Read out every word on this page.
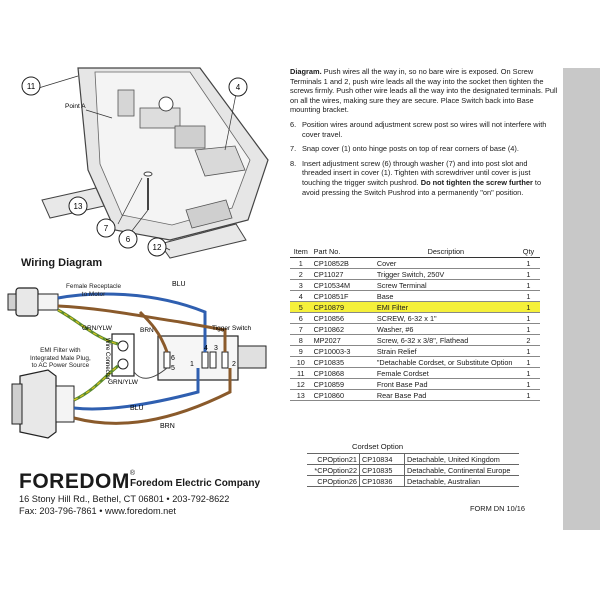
11	4
Point A
7
6
12
13

Diagram. Push wires all the way in, so no bare wire is exposed. On Screw Terminals 1 and 2, push wire leads all the way into the socket then tighten the screws firmly. Push other wire leads all the way into the designated terminals. Pull on all the wires, making sure they are secure. Place Switch back into Base mounting bracket.

6. Position wires around adjustment screw post so wires will not interfere with cover travel.

7. Snap cover (1) onto hinge posts on top of rear corners of base (4).

8. Insert adjustment screw (6) through washer (7) and into post slot and threaded insert in cover (1). Tighten with screwdriver until cover is just touching the trigger switch pushrod. Do not tighten the screw further to avoid pressing the Switch Pushrod into a permanently "on" position.

Item	Part No.	Description	Qty
1	CP10852B	Cover	1
2	CP11027	Trigger Switch, 250V	1
3	CP10534M	Screw Terminal	1
4	CP10851F	Base	1
5	CP10879	EMI Filter	1
6	CP10856	SCREW, 6-32 x 1"	1
7	CP10862	Washer, #6	1
8	MP2027	Screw, 6-32 x 3/8", Flathead	2
9	CP10003-3	Strain Relief	1
10	CP10835	"Detachable Cordset, or Substitute Option	1
11	CP10868	Female Cordset	1
12	CP10859	Front Base Pad	1
13	CP10860	Rear Base Pad	1
Cordset Option
CPOption21	CP10834	Detachable, United Kingdom
*CPOption22	CP10835	Detachable, Continental Europe
CPOption26	CP10836	Detachable, Australian
Wiring Diagram
6
5
1
4 3
2
BLU
BRN
GRN/YLW
GRN/YLW
BLU
BRN
Tigger Switch
Wire Connector
Female Receptacle
to Motor
EMI Filter with
Integrated Male Plug,
to AC Power Source
FOREDOM®
Foredom Electric Company
16 Stony Hill Rd., Bethel, CT 06801 • 203-792-8622
Fax: 203-796-7861 • www.foredom.net	FORM DN 10/16
